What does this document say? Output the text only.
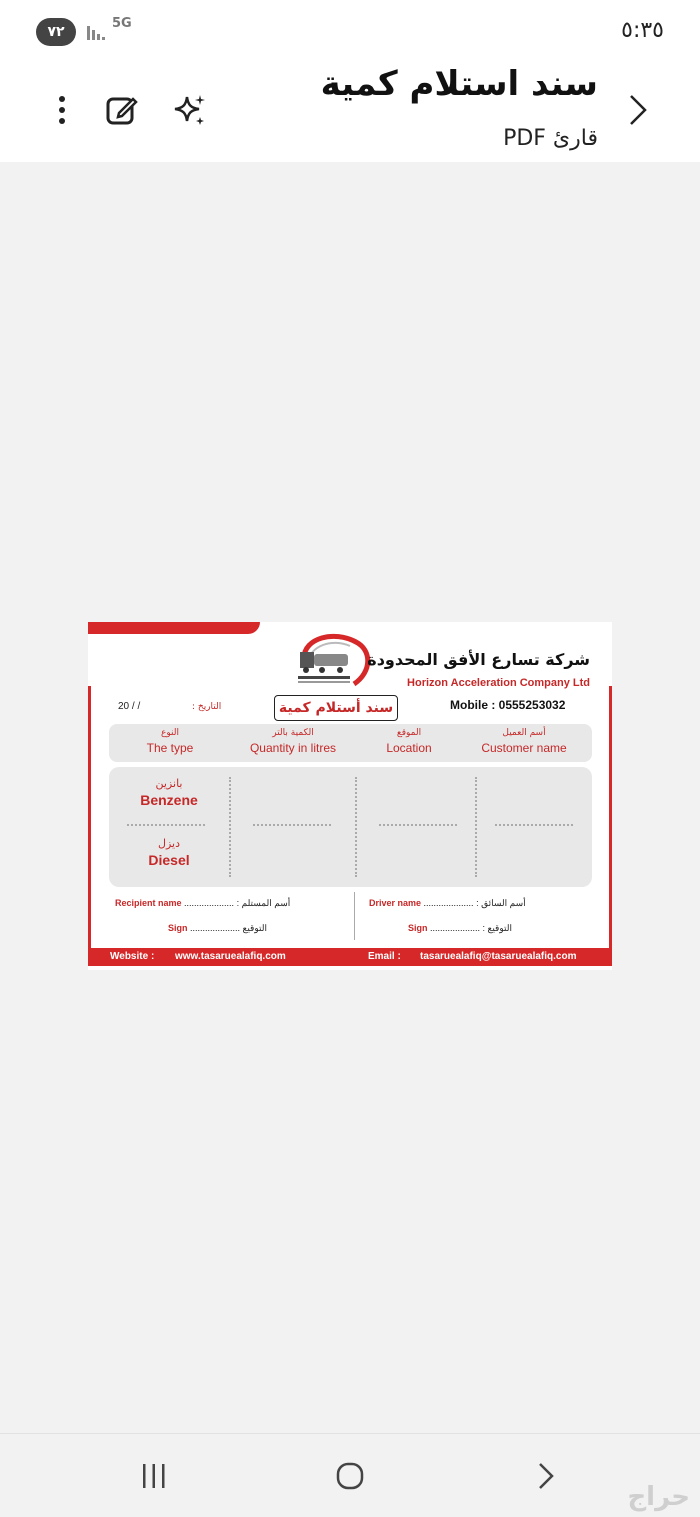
٧٢
5G	٥:٣٥
سند استلام كمية
قارئ PDF
شركة تسارع الأفق المحدودة
Horizon Acceleration Company Ltd
Mobile : 0555253032
سند أستلام كمية
التاريخ :
20 / /
أسم العميل
Customer name
الموقع
Location
الكمية بالتر
Quantity in litres
النوع
The type
بانزين
Benzene
ديزل
Diesel
Recipient name .................... أسم المستلم :
Sign .................... التوقيع
Driver name .................... أسم السائق :
Sign .................... التوقيع :
Website : www.tasaruealafiq.com	Email : tasaruealafiq@tasaruealafiq.com
حراج
